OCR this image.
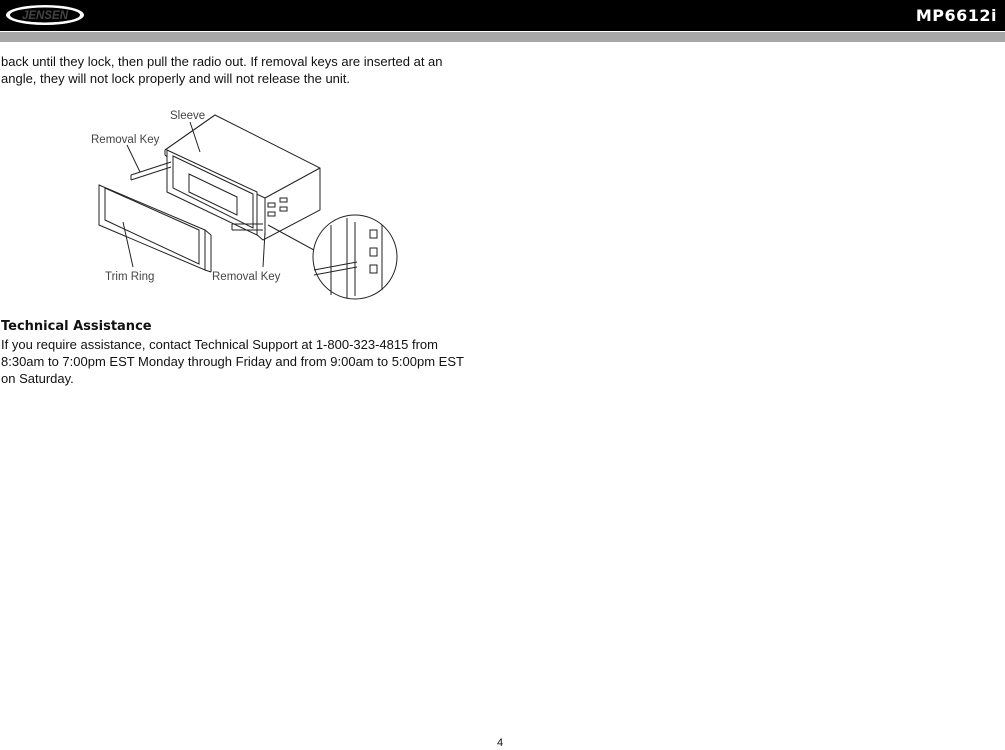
JENSEN	MP6612i
back until they lock, then pull the radio out. If removal keys are inserted at an angle, they will not lock properly and will not release the unit.
Sleeve
Removal Key
Trim Ring	Removal Key
Technical Assistance
If you require assistance, contact Technical Support at 1-800-323-4815 from 8:30am to 7:00pm EST Monday through Friday and from 9:00am to 5:00pm EST on Saturday.
4
